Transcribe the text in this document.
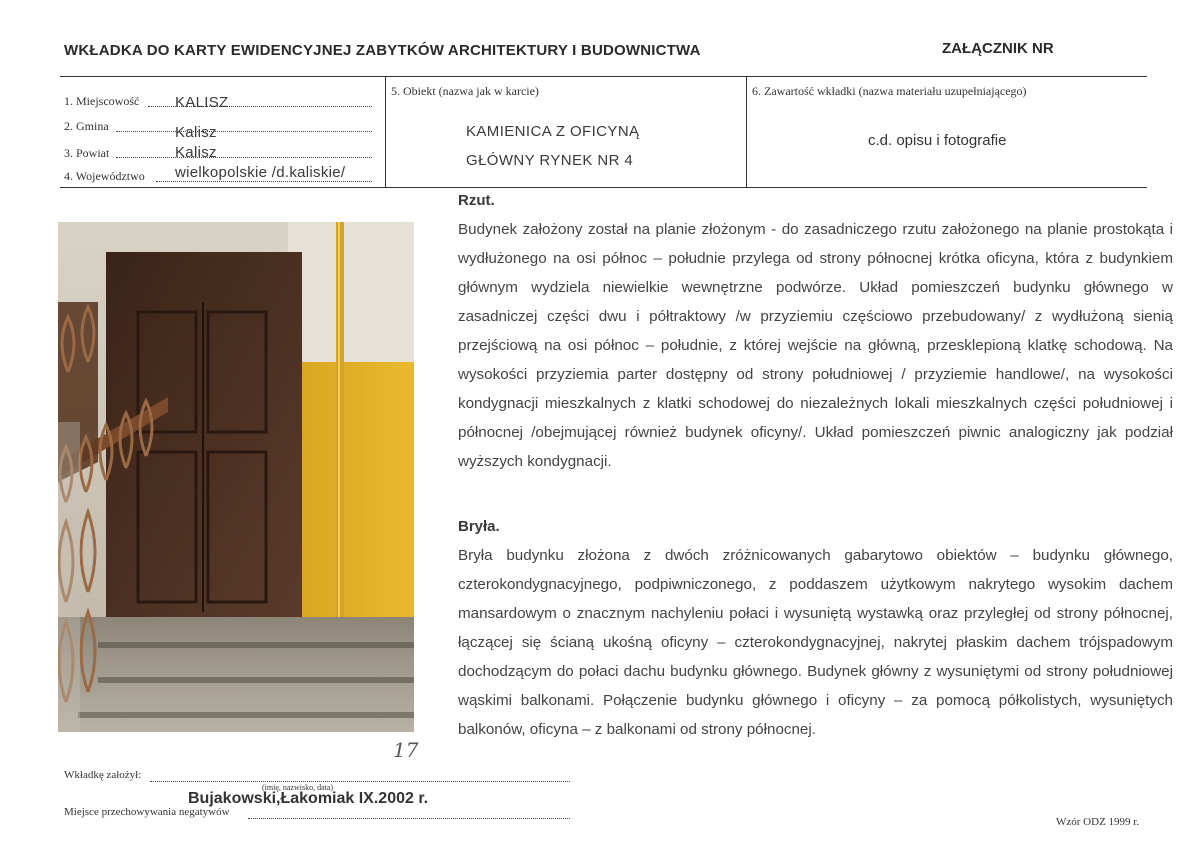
WKŁADKA DO KARTY EWIDENCYJNEJ ZABYTKÓW ARCHITEKTURY I BUDOWNICTWA	ZAŁĄCZNIK NR
1. Miejscowość KALISZ
2. Gmina	Kalisz
3. Powiat	Kalisz
4. Województwo wielkopolskie /d.kaliskie/
5. Obiekt (nazwa jak w karcie)
KAMIENICA Z OFICYNĄ
GŁÓWNY RYNEK NR 4
6. Zawartość wkładki (nazwa materiału uzupełniającego)
c.d. opisu i fotografie
17
Rzut.
Budynek założony został na planie złożonym - do zasadniczego rzutu założonego na planie prostokąta i wydłużonego na osi północ – południe przylega od strony północnej krótka oficyna, która z budynkiem głównym wydziela niewielkie wewnętrzne podwórze. Układ pomieszczeń budynku głównego w zasadniczej części dwu i półtraktowy /w przyziemiu częściowo przebudowany/ z wydłużoną sienią przejściową na osi północ – południe, z której wejście na główną, przesklepioną klatkę schodową. Na wysokości przyziemia parter dostępny od strony południowej / przyziemie handlowe/, na wysokości kondygnacji mieszkalnych z klatki schodowej do niezależnych lokali mieszkalnych części południowej i północnej /obejmującej również budynek oficyny/. Układ pomieszczeń piwnic analogiczny jak podział wyższych kondygnacji.
Bryła.
Bryła budynku złożona z dwóch zróżnicowanych gabarytowo obiektów – budynku głównego, czterokondygnacyjnego, podpiwniczonego, z poddaszem użytkowym nakrytego wysokim dachem mansardowym o znacznym nachyleniu połaci i wysuniętą wystawką oraz przyległej od strony północnej, łączącej się ścianą ukośną oficyny – czterokondygnacyjnej, nakrytej płaskim dachem trójspadowym dochodzącym do połaci dachu budynku głównego. Budynek główny z wysuniętymi od strony południowej wąskimi balkonami. Połączenie budynku głównego i oficyny – za pomocą półkolistych, wysuniętych balkonów, oficyna – z balkonami od strony północnej.
Wkładkę założył:
(imię, nazwisko, data)
Bujakowski,Łakomiak IX.2002 r.
Miejsce przechowywania negatywów
Wzór ODZ 1999 r.
